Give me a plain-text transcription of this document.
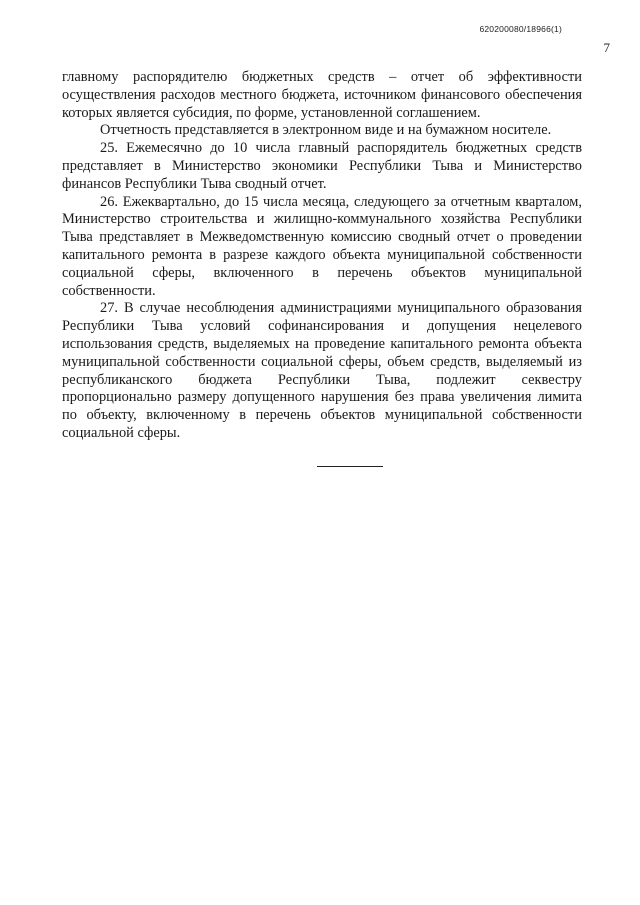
620200080/18966(1)
7

главному распорядителю бюджетных средств – отчет об эффективности осуществления расходов местного бюджета, источником финансового обеспечения которых является субсидия, по форме, установленной соглашением.

Отчетность представляется в электронном виде и на бумажном носителе.

25. Ежемесячно до 10 числа главный распорядитель бюджетных средств представляет в Министерство экономики Республики Тыва и Министерство финансов Республики Тыва сводный отчет.

26. Ежеквартально, до 15 числа месяца, следующего за отчетным кварталом, Министерство строительства и жилищно-коммунального хозяйства Республики Тыва представляет в Межведомственную комиссию сводный отчет о проведении капитального ремонта в разрезе каждого объекта муниципальной собственности социальной сферы, включенного в перечень объектов муниципальной собственности.

27. В случае несоблюдения администрациями муниципального образования Республики Тыва условий софинансирования и допущения нецелевого использования средств, выделяемых на проведение капитального ремонта объекта муниципальной собственности социальной сферы, объем средств, выделяемый из республиканского бюджета Республики Тыва, подлежит секвестру пропорционально размеру допущенного нарушения без права увеличения лимита по объекту, включенному в перечень объектов муниципальной собственности социальной сферы.
